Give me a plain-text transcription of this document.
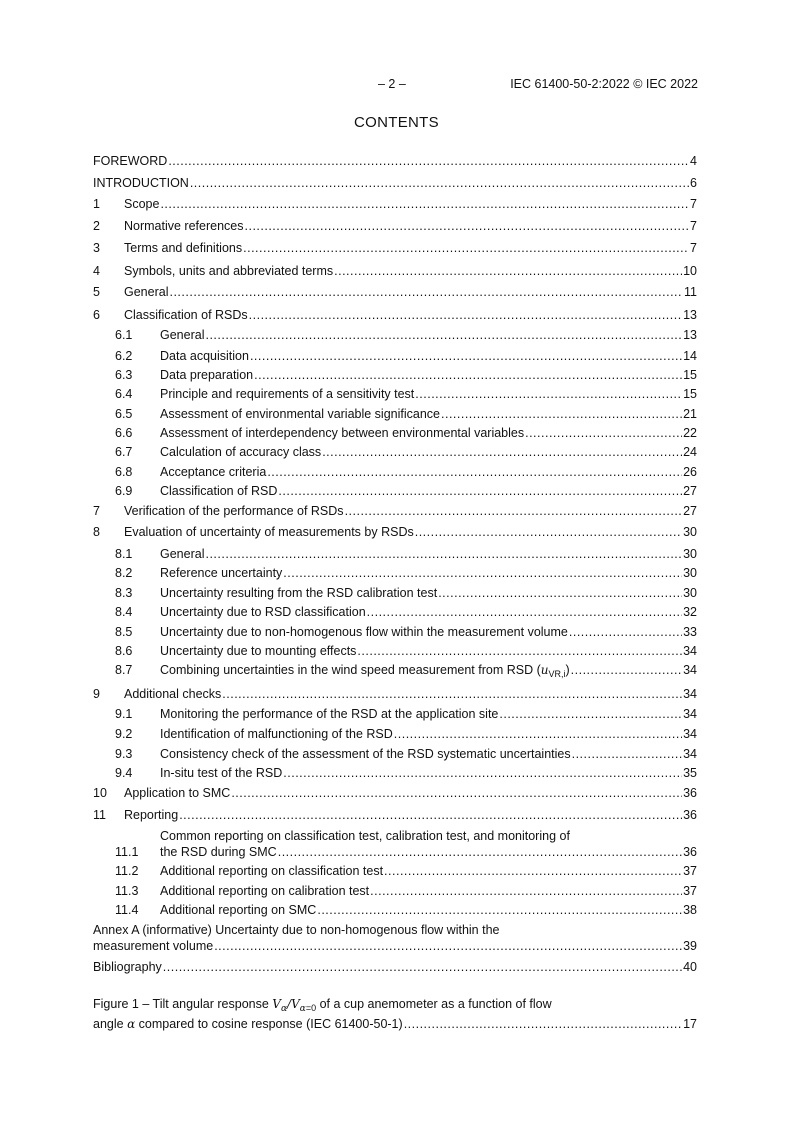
– 2 –	IEC 61400-50-2:2022 © IEC 2022
CONTENTS
FOREWORD .....	4
INTRODUCTION .....	6
1	Scope .....	7
2	Normative references .....	7
3	Terms and definitions .....	7
4	Symbols, units and abbreviated terms .....	10
5	General .....	11
6	Classification of RSDs .....	13
6.1	General .....	13
6.2	Data acquisition .....	14
6.3	Data preparation .....	15
6.4	Principle and requirements of a sensitivity test .....	15
6.5	Assessment of environmental variable significance .....	21
6.6	Assessment of interdependency between environmental variables .....	22
6.7	Calculation of accuracy class .....	24
6.8	Acceptance criteria .....	26
6.9	Classification of RSD .....	27
7	Verification of the performance of RSDs .....	27
8	Evaluation of uncertainty of measurements by RSDs .....	30
8.1	General .....	30
8.2	Reference uncertainty .....	30
8.3	Uncertainty resulting from the RSD calibration test .....	30
8.4	Uncertainty due to RSD classification .....	32
8.5	Uncertainty due to non-homogenous flow within the measurement volume .....	33
8.6	Uncertainty due to mounting effects .....	34
8.7	Combining uncertainties in the wind speed measurement from RSD $(u_{VR,i})$ .....	34
9	Additional checks .....	34
9.1	Monitoring the performance of the RSD at the application site .....	34
9.2	Identification of malfunctioning of the RSD .....	34
9.3	Consistency check of the assessment of the RSD systematic uncertainties .....	34
9.4	In-situ test of the RSD .....	35
10	Application to SMC .....	36
11	Reporting .....	36
Common reporting on classification test, calibration test, and monitoring of
11.1	the RSD during SMC .....	36
11.2	Additional reporting on classification test .....	37
11.3	Additional reporting on calibration test .....	37
11.4	Additional reporting on SMC .....	38
Annex A (informative) Uncertainty due to non-homogenous flow within the
measurement volume .....	39
Bibliography .....	40
Figure 1 – Tilt angular response $V_\alpha/V_{\alpha=0}$ of a cup anemometer as a function of flow
angle α compared to cosine response (IEC 61400-50-1) .....	17
